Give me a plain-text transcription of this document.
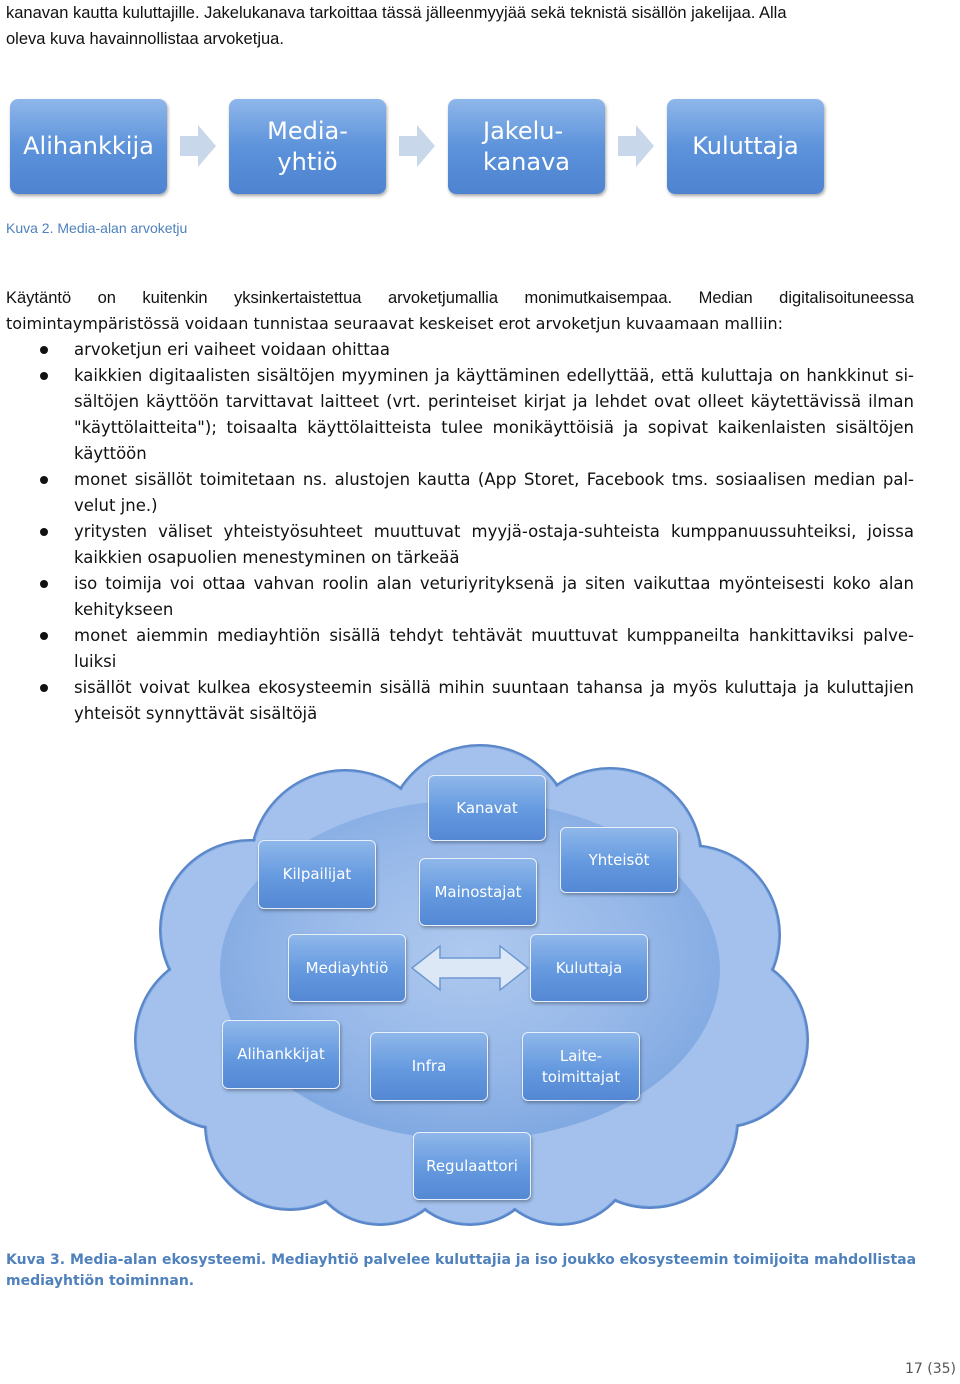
kanavan kautta kuluttajille. Jakelukanava tarkoittaa tässä jälleenmyyjää sekä teknistä sisällön jakelijaa. Alla
oleva kuva havainnollistaa arvoketjua.
Alihankkija
Media-
yhtiö
Jakelu-
kanava
Kuluttaja
Kuva 2. Media-alan arvoketju
Käytäntö on kuitenkin yksinkertaistettua arvoketjumallia monimutkaisempaa. Median digitalisoituneessa
toimintaympäristössä voidaan tunnistaa seuraavat keskeiset erot arvoketjun kuvaamaan malliin:
arvoketjun eri vaiheet voidaan ohittaa
kaikkien digitaalisten sisältöjen myyminen ja käyttäminen edellyttää, että kuluttaja on hankkinut si-sältöjen käyttöön tarvittavat laitteet (vrt. perinteiset kirjat ja lehdet ovat olleet käytettävissä ilman "käyttölaitteita"); toisaalta käyttölaitteista tulee monikäyttöisiä ja sopivat kaikenlaisten sisältöjen käyttöön
monet sisällöt toimitetaan ns. alustojen kautta (App Storet, Facebook tms. sosiaalisen median pal-velut jne.)
yritysten väliset yhteistyösuhteet muuttuvat myyjä-ostaja-suhteista kumppanuussuhteiksi, joissa kaikkien osapuolien menestyminen on tärkeää
iso toimija voi ottaa vahvan roolin alan veturiyrityksenä ja siten vaikuttaa myönteisesti koko alan kehitykseen
monet aiemmin mediayhtiön sisällä tehdyt tehtävät muuttuvat kumppaneilta hankittaviksi palve-luiksi
sisällöt voivat kulkea ekosysteemin sisällä mihin suuntaan tahansa ja myös kuluttaja ja kuluttajien yhteisöt synnyttävät sisältöjä
Kanavat
Kilpailijat
Yhteisöt
Mainostajat
Mediayhtiö	Kuluttaja
Alihankkijat
Infra
Laite-
toimittajat
Regulaattori
Kuva 3. Media-alan ekosysteemi. Mediayhtiö palvelee kuluttajia ja iso joukko ekosysteemin toimijoita mahdollistaa mediayhtiön toiminnan.
17 (35)
